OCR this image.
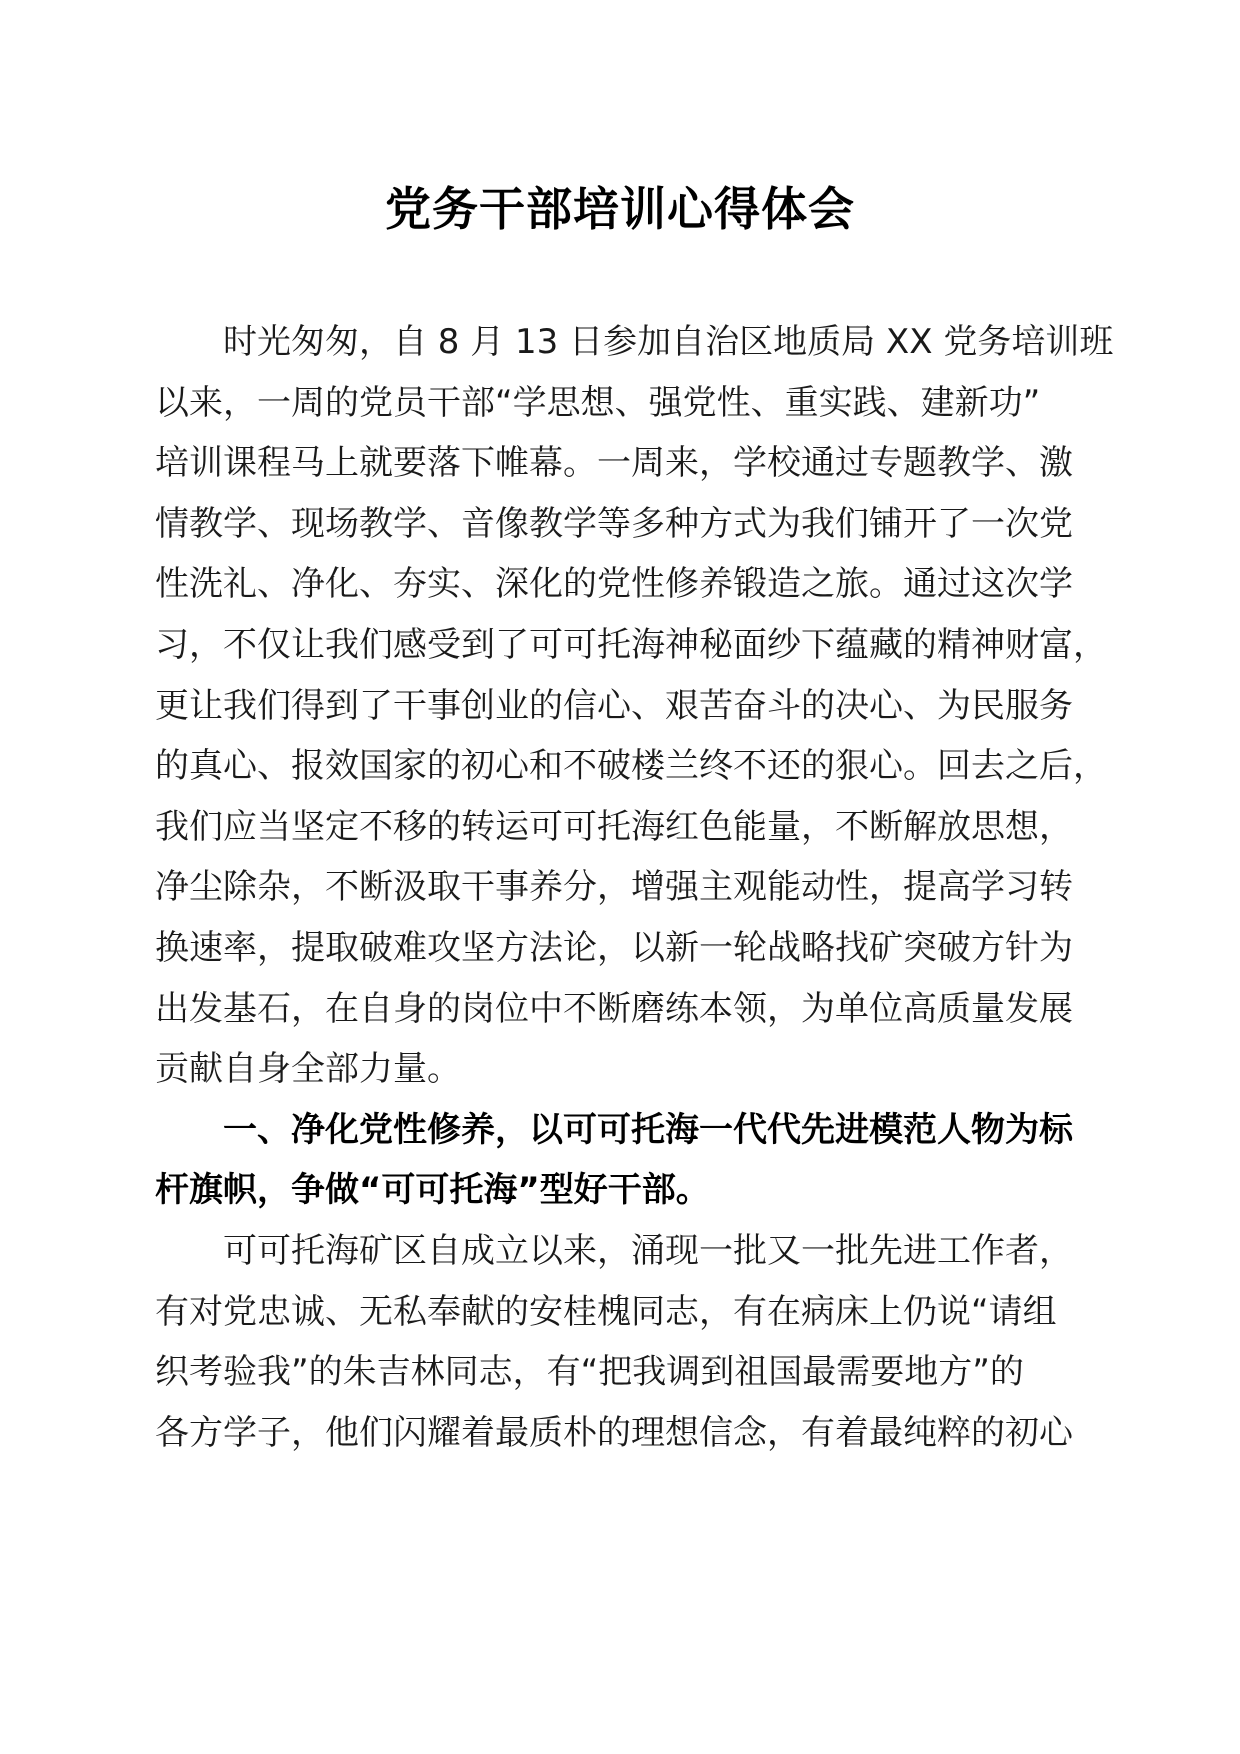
党务干部培训心得体会
　　时光匆匆，自 8 月 13 日参加自治区地质局 XX 党务培训班
以来，一周的党员干部“学思想、强党性、重实践、建新功”
培训课程马上就要落下帷幕。一周来，学校通过专题教学、激
情教学、现场教学、音像教学等多种方式为我们铺开了一次党
性洗礼、净化、夯实、深化的党性修养锻造之旅。通过这次学
习，不仅让我们感受到了可可托海神秘面纱下蕴藏的精神财富，
更让我们得到了干事创业的信心、艰苦奋斗的决心、为民服务
的真心、报效国家的初心和不破楼兰终不还的狠心。回去之后，
我们应当坚定不移的转运可可托海红色能量，不断解放思想，
净尘除杂，不断汲取干事养分，增强主观能动性，提高学习转
换速率，提取破难攻坚方法论，以新一轮战略找矿突破方针为
出发基石，在自身的岗位中不断磨练本领，为单位高质量发展
贡献自身全部力量。
　　一、净化党性修养，以可可托海一代代先进模范人物为标
杆旗帜，争做“可可托海”型好干部。
　　可可托海矿区自成立以来，涌现一批又一批先进工作者，
有对党忠诚、无私奉献的安桂槐同志，有在病床上仍说“请组
织考验我”的朱吉林同志，有“把我调到祖国最需要地方”的
各方学子，他们闪耀着最质朴的理想信念，有着最纯粹的初心
